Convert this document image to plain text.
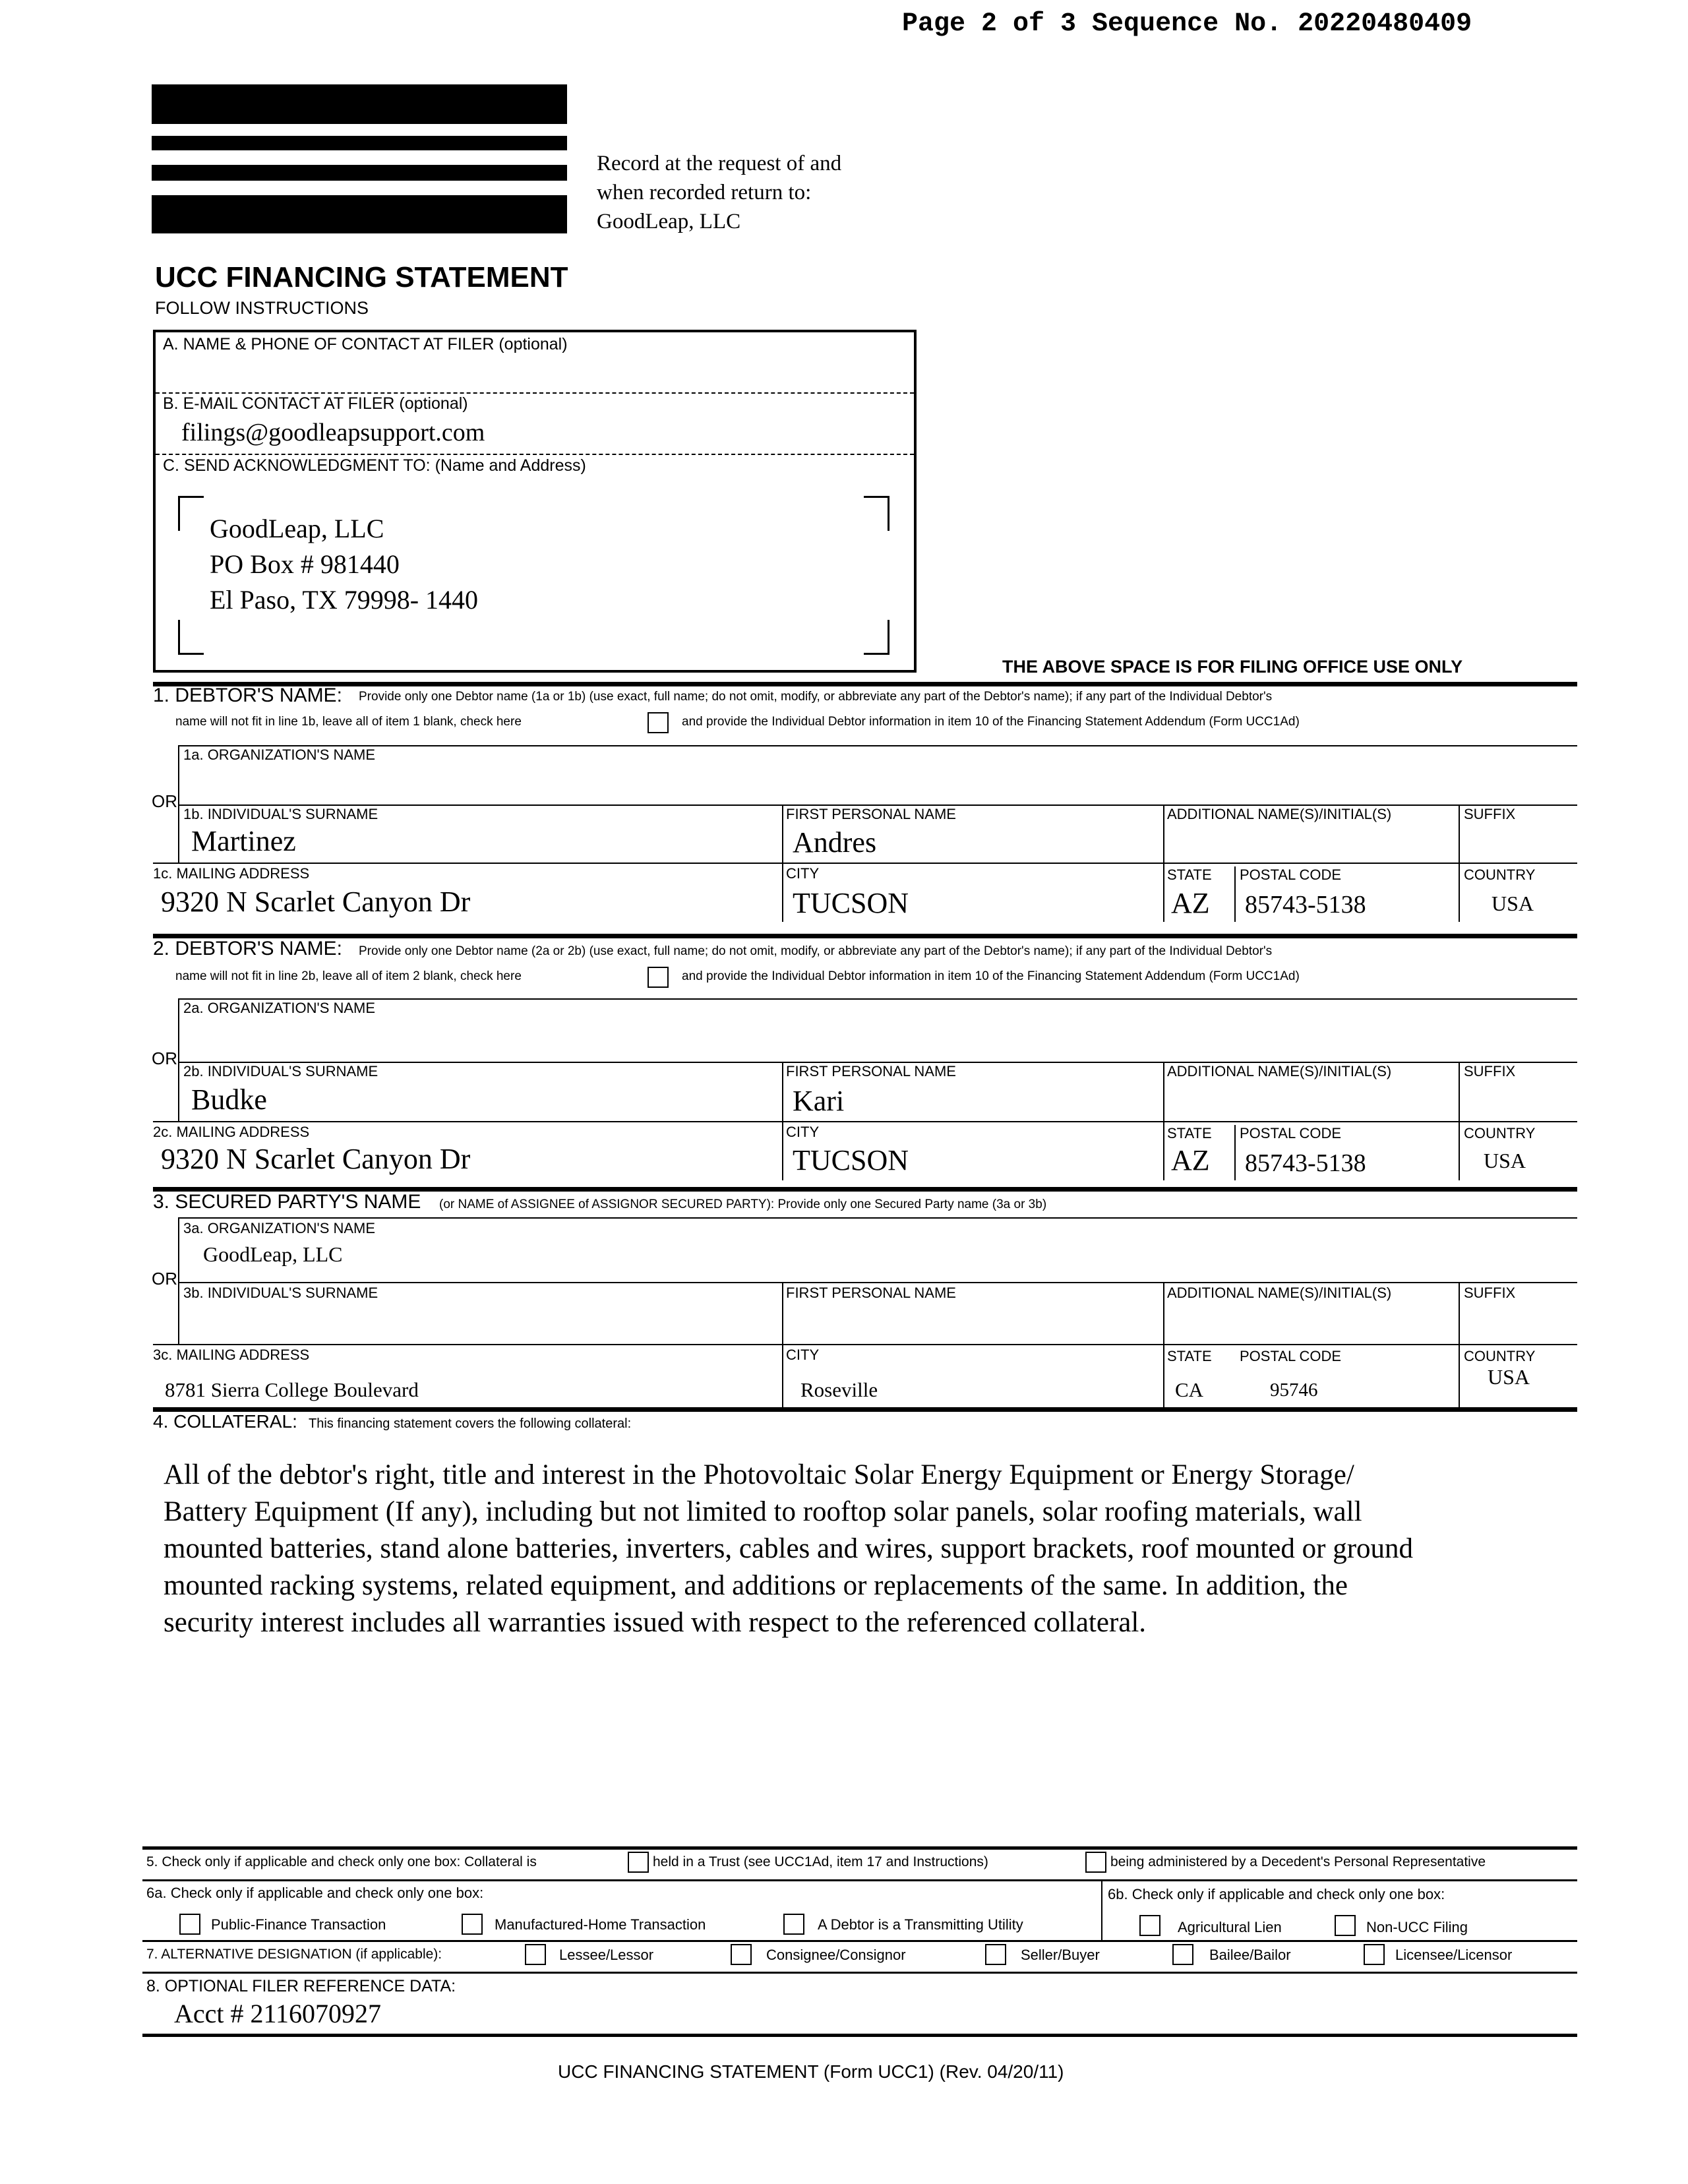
Page 2 of 3 Sequence No. 20220480409
Record at the request of and
when recorded return to:
GoodLeap, LLC
UCC FINANCING STATEMENT
FOLLOW INSTRUCTIONS
A. NAME & PHONE OF CONTACT AT FILER (optional)
B. E-MAIL CONTACT AT FILER (optional)
filings@goodleapsupport.com
C. SEND ACKNOWLEDGMENT TO: (Name and Address)
GoodLeap, LLC
PO Box # 981440
El Paso, TX 79998- 1440
THE ABOVE SPACE IS FOR FILING OFFICE USE ONLY
1. DEBTOR'S NAME: Provide only one Debtor name (1a or 1b) (use exact, full name; do not omit, modify, or abbreviate any part of the Debtor's name); if any part of the Individual Debtor's
name will not fit in line 1b, leave all of item 1 blank, check here	and provide the Individual Debtor information in item 10 of the Financing Statement Addendum (Form UCC1Ad)
1a. ORGANIZATION'S NAME
OR
1b. INDIVIDUAL'S SURNAME
Martinez
FIRST PERSONAL NAME
Andres
ADDITIONAL NAME(S)/INITIAL(S)	SUFFIX
1c. MAILING ADDRESS
9320 N Scarlet Canyon Dr
CITY
TUCSON
STATE
AZ
POSTAL CODE
85743-5138
COUNTRY
USA
2. DEBTOR'S NAME: Provide only one Debtor name (2a or 2b) (use exact, full name; do not omit, modify, or abbreviate any part of the Debtor's name); if any part of the Individual Debtor's
name will not fit in line 2b, leave all of item 2 blank, check here	and provide the Individual Debtor information in item 10 of the Financing Statement Addendum (Form UCC1Ad)
2a. ORGANIZATION'S NAME
OR
2b. INDIVIDUAL'S SURNAME
Budke
FIRST PERSONAL NAME
Kari
ADDITIONAL NAME(S)/INITIAL(S)	SUFFIX
2c. MAILING ADDRESS
9320 N Scarlet Canyon Dr
CITY
TUCSON
STATE
AZ
POSTAL CODE
85743-5138
COUNTRY
USA
3. SECURED PARTY'S NAME (or NAME of ASSIGNEE of ASSIGNOR SECURED PARTY): Provide only one Secured Party name (3a or 3b)
3a. ORGANIZATION'S NAME
GoodLeap, LLC
OR
3b. INDIVIDUAL'S SURNAME	FIRST PERSONAL NAME	ADDITIONAL NAME(S)/INITIAL(S)	SUFFIX
3c. MAILING ADDRESS
8781 Sierra College Boulevard
CITY
Roseville
STATE
CA
POSTAL CODE
95746
COUNTRY
USA
4. COLLATERAL: This financing statement covers the following collateral:
All of the debtor's right, title and interest in the Photovoltaic Solar Energy Equipment or Energy Storage/
Battery Equipment (If any), including but not limited to rooftop solar panels, solar roofing materials, wall
mounted batteries, stand alone batteries, inverters, cables and wires, support brackets, roof mounted or ground
mounted racking systems, related equipment, and additions or replacements of the same. In addition, the
security interest includes all warranties issued with respect to the referenced collateral.
5. Check only if applicable and check only one box: Collateral is	held in a Trust (see UCC1Ad, item 17 and Instructions)	being administered by a Decedent's Personal Representative
6a. Check only if applicable and check only one box:
Public-Finance Transaction	Manufactured-Home Transaction	A Debtor is a Transmitting Utility
6b. Check only if applicable and check only one box:
Agricultural Lien	Non-UCC Filing
7. ALTERNATIVE DESIGNATION (if applicable):	Lessee/Lessor	Consignee/Consignor	Seller/Buyer	Bailee/Bailor	Licensee/Licensor
8. OPTIONAL FILER REFERENCE DATA:
Acct # 2116070927
UCC FINANCING STATEMENT (Form UCC1) (Rev. 04/20/11)
